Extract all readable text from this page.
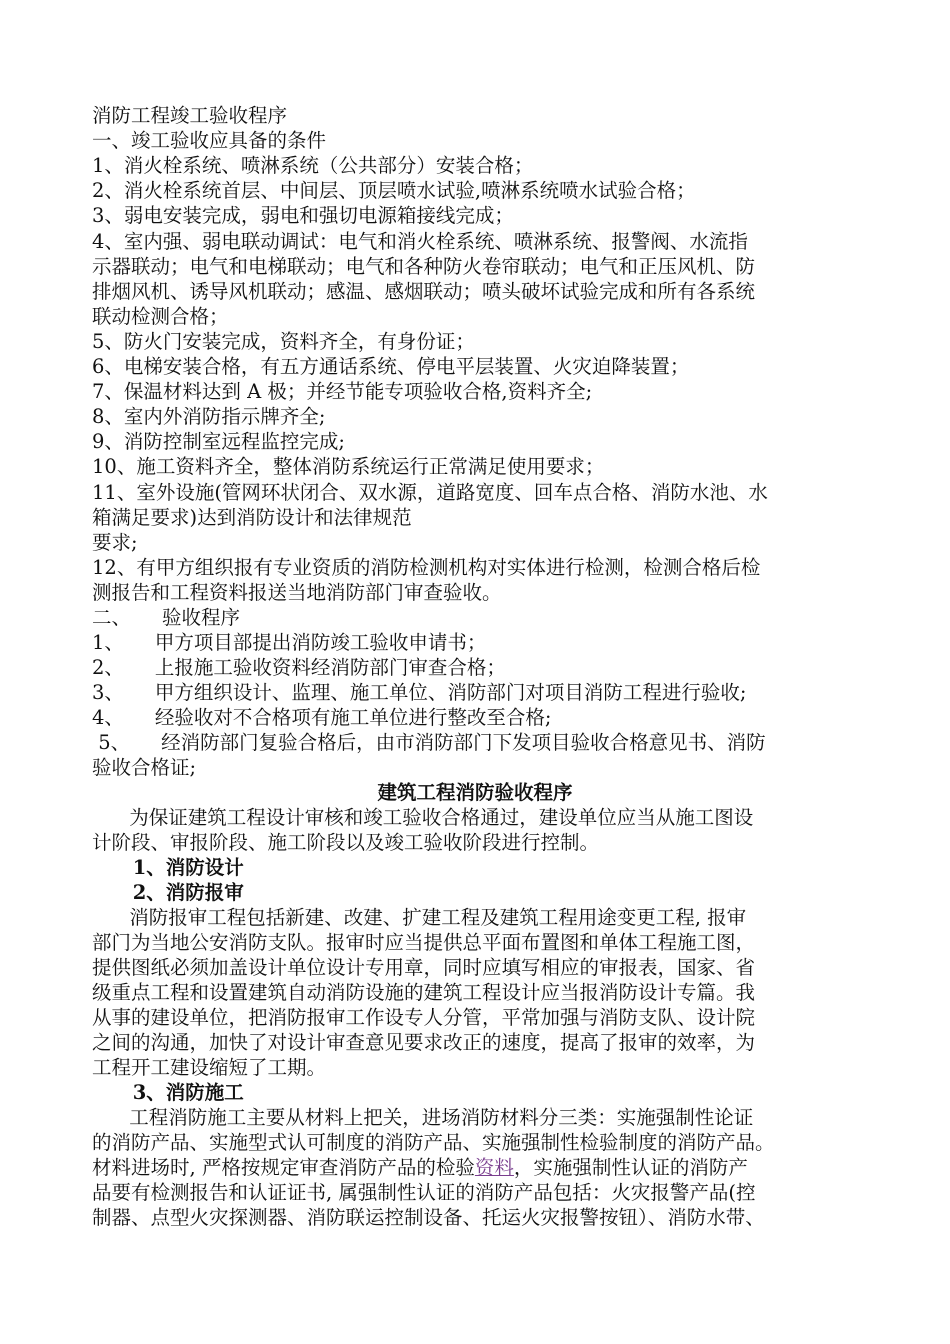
消防工程竣工验收程序
一、竣工验收应具备的条件
1、消火栓系统、喷淋系统（公共部分）安装合格；
2、消火栓系统首层、中间层、顶层喷水试验,喷淋系统喷水试验合格；
3、弱电安装完成，弱电和强切电源箱接线完成；
4、室内强、弱电联动调试：电气和消火栓系统、喷淋系统、报警阀、水流指
示器联动；电气和电梯联动；电气和各种防火卷帘联动；电气和正压风机、防
排烟风机、诱导风机联动；感温、感烟联动；喷头破坏试验完成和所有各系统
联动检测合格；
5、防火门安装完成，资料齐全，有身份证；
6、电梯安装合格，有五方通话系统、停电平层装置、火灾迫降装置；
7、保温材料达到 A 极；并经节能专项验收合格,资料齐全;
8、室内外消防指示牌齐全;
9、消防控制室远程监控完成;
10、施工资料齐全，整体消防系统运行正常满足使用要求；
11、室外设施(管网环状闭合、双水源，道路宽度、回车点合格、消防水池、水
箱满足要求)达到消防设计和法律规范
要求;
12、有甲方组织报有专业资质的消防检测机构对实体进行检测，检测合格后检
测报告和工程资料报送当地消防部门审查验收。
二、     验收程序
1、     甲方项目部提出消防竣工验收申请书；
2、     上报施工验收资料经消防部门审查合格；
3、     甲方组织设计、监理、施工单位、消防部门对项目消防工程进行验收;
4、     经验收对不合格项有施工单位进行整改至合格;
5、     经消防部门复验合格后，由市消防部门下发项目验收合格意见书、消防
验收合格证;
建筑工程消防验收程序
为保证建筑工程设计审核和竣工验收合格通过，建设单位应当从施工图设
计阶段、审报阶段、施工阶段以及竣工验收阶段进行控制。
1、消防设计
2、消防报审
消防报审工程包括新建、改建、扩建工程及建筑工程用途变更工程, 报审
部门为当地公安消防支队。报审时应当提供总平面布置图和单体工程施工图，
提供图纸必须加盖设计单位设计专用章，同时应填写相应的审报表，国家、省
级重点工程和设置建筑自动消防设施的建筑工程设计应当报消防设计专篇。我
从事的建设单位，把消防报审工作设专人分管，平常加强与消防支队、设计院
之间的沟通，加快了对设计审查意见要求改正的速度，提高了报审的效率，为
工程开工建设缩短了工期。
3、消防施工
工程消防施工主要从材料上把关，进场消防材料分三类：实施强制性论证
的消防产品、实施型式认可制度的消防产品、实施强制性检验制度的消防产品。
材料进场时, 严格按规定审查消防产品的检验资料，实施强制性认证的消防产
品要有检测报告和认证证书, 属强制性认证的消防产品包括：火灾报警产品(控
制器、点型火灾探测器、消防联运控制设备、托运火灾报警按钮）、消防水带、
